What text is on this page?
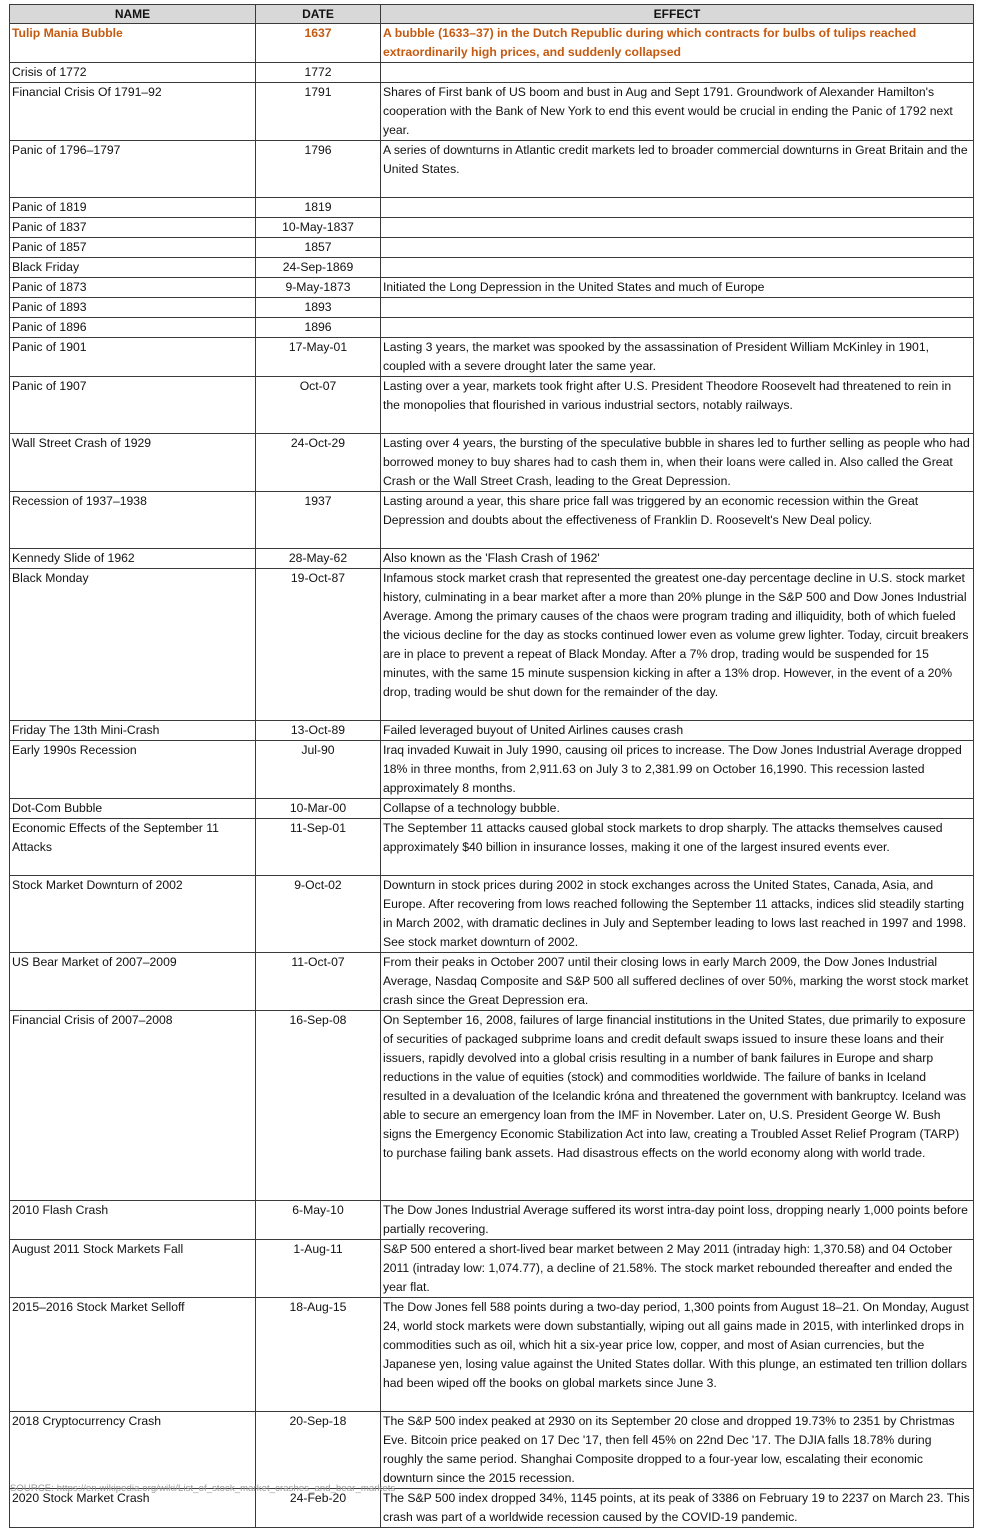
NAME	DATE	EFFECT
Tulip Mania Bubble	1637	A bubble (1633–37) in the Dutch Republic during which contracts for bulbs of tulips reached extraordinarily high prices, and suddenly collapsed
Crisis of 1772	1772	
Financial Crisis Of 1791–92	1791	Shares of First bank of US boom and bust in Aug and Sept 1791. Groundwork of Alexander Hamilton's cooperation with the Bank of New York to end this event would be crucial in ending the Panic of 1792 next year.
Panic of 1796–1797	1796	A series of downturns in Atlantic credit markets led to broader commercial downturns in Great Britain and the United States.
Panic of 1819	1819	
Panic of 1837	10-May-1837	
Panic of 1857	1857	
Black Friday	24-Sep-1869	
Panic of 1873	9-May-1873	Initiated the Long Depression in the United States and much of Europe
Panic of 1893	1893	
Panic of 1896	1896	
Panic of 1901	17-May-01	Lasting 3 years, the market was spooked by the assassination of President William McKinley in 1901, coupled with a severe drought later the same year.
Panic of 1907	Oct-07	Lasting over a year, markets took fright after U.S. President Theodore Roosevelt had threatened to rein in the monopolies that flourished in various industrial sectors, notably railways.
Wall Street Crash of 1929	24-Oct-29	Lasting over 4 years, the bursting of the speculative bubble in shares led to further selling as people who had borrowed money to buy shares had to cash them in, when their loans were called in. Also called the Great Crash or the Wall Street Crash, leading to the Great Depression.
Recession of 1937–1938	1937	Lasting around a year, this share price fall was triggered by an economic recession within the Great Depression and doubts about the effectiveness of Franklin D. Roosevelt's New Deal policy.
Kennedy Slide of 1962	28-May-62	Also known as the 'Flash Crash of 1962'
Black Monday	19-Oct-87	Infamous stock market crash that represented the greatest one-day percentage decline in U.S. stock market history, culminating in a bear market after a more than 20% plunge in the S&P 500 and Dow Jones Industrial Average. Among the primary causes of the chaos were program trading and illiquidity, both of which fueled the vicious decline for the day as stocks continued lower even as volume grew lighter. Today, circuit breakers are in place to prevent a repeat of Black Monday. After a 7% drop, trading would be suspended for 15 minutes, with the same 15 minute suspension kicking in after a 13% drop. However, in the event of a 20% drop, trading would be shut down for the remainder of the day.
Friday The 13th Mini-Crash	13-Oct-89	Failed leveraged buyout of United Airlines causes crash
Early 1990s Recession	Jul-90	Iraq invaded Kuwait in July 1990, causing oil prices to increase. The Dow Jones Industrial Average dropped 18% in three months, from 2,911.63 on July 3 to 2,381.99 on October 16,1990. This recession lasted approximately 8 months.
Dot-Com Bubble	10-Mar-00	Collapse of a technology bubble.
Economic Effects of the September 11 Attacks	11-Sep-01	The September 11 attacks caused global stock markets to drop sharply. The attacks themselves caused approximately $40 billion in insurance losses, making it one of the largest insured events ever.
Stock Market Downturn of 2002	9-Oct-02	Downturn in stock prices during 2002 in stock exchanges across the United States, Canada, Asia, and Europe. After recovering from lows reached following the September 11 attacks, indices slid steadily starting in March 2002, with dramatic declines in July and September leading to lows last reached in 1997 and 1998. See stock market downturn of 2002.
US Bear Market of 2007–2009	11-Oct-07	From their peaks in October 2007 until their closing lows in early March 2009, the Dow Jones Industrial Average, Nasdaq Composite and S&P 500 all suffered declines of over 50%, marking the worst stock market crash since the Great Depression era.
Financial Crisis of 2007–2008	16-Sep-08	On September 16, 2008, failures of large financial institutions in the United States, due primarily to exposure of securities of packaged subprime loans and credit default swaps issued to insure these loans and their issuers, rapidly devolved into a global crisis resulting in a number of bank failures in Europe and sharp reductions in the value of equities (stock) and commodities worldwide. The failure of banks in Iceland resulted in a devaluation of the Icelandic króna and threatened the government with bankruptcy. Iceland was able to secure an emergency loan from the IMF in November. Later on, U.S. President George W. Bush signs the Emergency Economic Stabilization Act into law, creating a Troubled Asset Relief Program (TARP) to purchase failing bank assets. Had disastrous effects on the world economy along with world trade.
2010 Flash Crash	6-May-10	The Dow Jones Industrial Average suffered its worst intra-day point loss, dropping nearly 1,000 points before partially recovering.
August 2011 Stock Markets Fall	1-Aug-11	S&P 500 entered a short-lived bear market between 2 May 2011 (intraday high: 1,370.58) and 04 October 2011 (intraday low: 1,074.77), a decline of 21.58%. The stock market rebounded thereafter and ended the year flat.
2015–2016 Stock Market Selloff	18-Aug-15	The Dow Jones fell 588 points during a two-day period, 1,300 points from August 18–21. On Monday, August 24, world stock markets were down substantially, wiping out all gains made in 2015, with interlinked drops in commodities such as oil, which hit a six-year price low, copper, and most of Asian currencies, but the Japanese yen, losing value against the United States dollar. With this plunge, an estimated ten trillion dollars had been wiped off the books on global markets since June 3.
2018 Cryptocurrency Crash	20-Sep-18	The S&P 500 index peaked at 2930 on its September 20 close and dropped 19.73% to 2351 by Christmas Eve. Bitcoin price peaked on 17 Dec '17, then fell 45% on 22nd Dec '17. The DJIA falls 18.78% during roughly the same period. Shanghai Composite dropped to a four-year low, escalating their economic downturn since the 2015 recession.
2020 Stock Market Crash	24-Feb-20	The S&P 500 index dropped 34%, 1145 points, at its peak of 3386 on February 19 to 2237 on March 23. This crash was part of a worldwide recession caused by the COVID-19 pandemic.
SOURCE: https://en.wikipedia.org/wiki/List_of_stock_market_crashes_and_bear_markets
